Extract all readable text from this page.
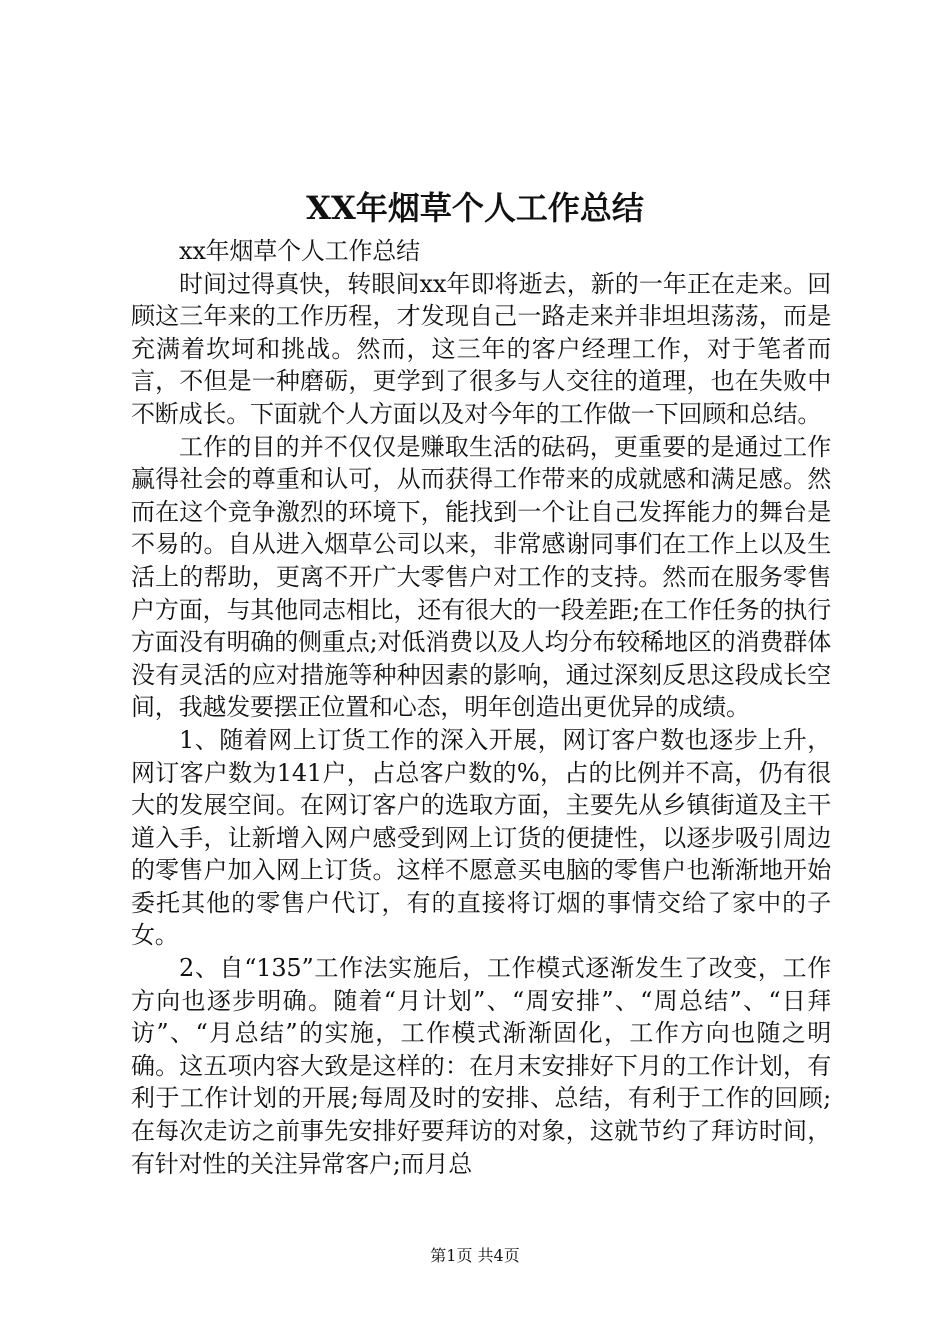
XX年烟草个人工作总结

xx年烟草个人工作总结

时间过得真快，转眼间xx年即将逝去，新的一年正在走来。回顾这三年来的工作历程，才发现自己一路走来并非坦坦荡荡，而是充满着坎坷和挑战。然而，这三年的客户经理工作，对于笔者而言，不但是一种磨砺，更学到了很多与人交往的道理，也在失败中不断成长。下面就个人方面以及对今年的工作做一下回顾和总结。

工作的目的并不仅仅是赚取生活的砝码，更重要的是通过工作赢得社会的尊重和认可，从而获得工作带来的成就感和满足感。然而在这个竞争激烈的环境下，能找到一个让自己发挥能力的舞台是不易的。自从进入烟草公司以来，非常感谢同事们在工作上以及生活上的帮助，更离不开广大零售户对工作的支持。然而在服务零售户方面，与其他同志相比，还有很大的一段差距;在工作任务的执行方面没有明确的侧重点;对低消费以及人均分布较稀地区的消费群体没有灵活的应对措施等种种因素的影响，通过深刻反思这段成长空间，我越发要摆正位置和心态，明年创造出更优异的成绩。

1、随着网上订货工作的深入开展，网订客户数也逐步上升，网订客户数为141户，占总客户数的%，占的比例并不高，仍有很大的发展空间。在网订客户的选取方面，主要先从乡镇街道及主干道入手，让新增入网户感受到网上订货的便捷性，以逐步吸引周边的零售户加入网上订货。这样不愿意买电脑的零售户也渐渐地开始委托其他的零售户代订，有的直接将订烟的事情交给了家中的子女。

2、自“135”工作法实施后，工作模式逐渐发生了改变，工作方向也逐步明确。随着“月计划”、“周安排”、“周总结”、“日拜访”、“月总结”的实施，工作模式渐渐固化，工作方向也随之明确。这五项内容大致是这样的：在月末安排好下月的工作计划，有利于工作计划的开展;每周及时的安排、总结，有利于工作的回顾;在每次走访之前事先安排好要拜访的对象，这就节约了拜访时间，有针对性的关注异常客户;而月总

第1页 共4页
